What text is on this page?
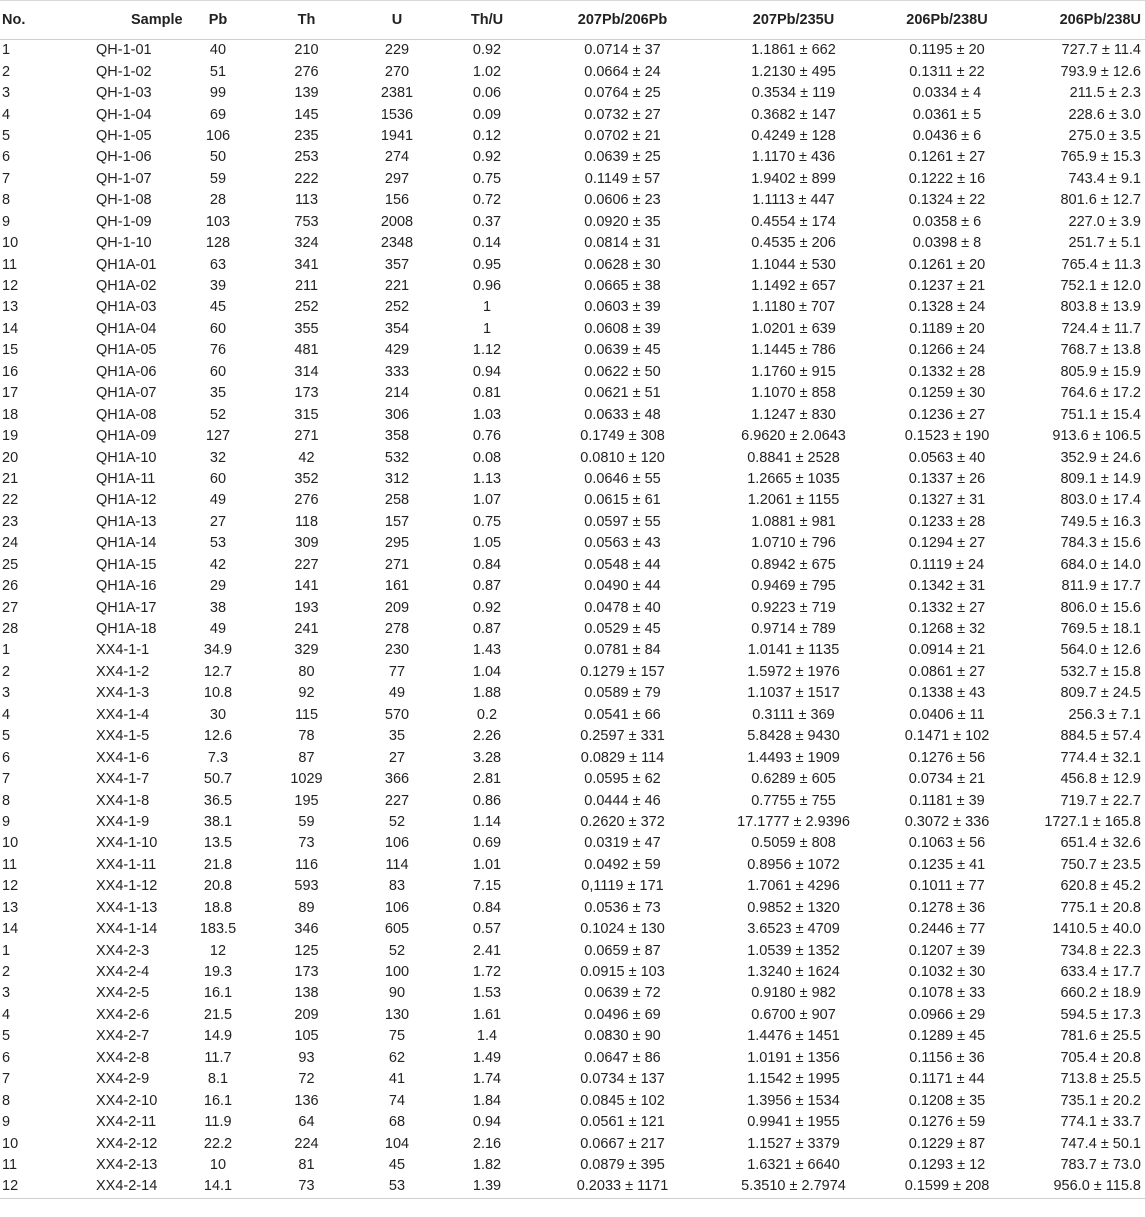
No.	Sample	Pb	Th	U	Th/U	207Pb/206Pb	207Pb/235U	206Pb/238U	206Pb/238U
1	QH-1-01	40	210	229	0.92	0.0714 ± 37	1.1861 ± 662	0.1195 ± 20	727.7 ± 11.4
2	QH-1-02	51	276	270	1.02	0.0664 ± 24	1.2130 ± 495	0.1311 ± 22	793.9 ± 12.6
3	QH-1-03	99	139	2381	0.06	0.0764 ± 25	0.3534 ± 119	0.0334 ± 4	211.5 ± 2.3
4	QH-1-04	69	145	1536	0.09	0.0732 ± 27	0.3682 ± 147	0.0361 ± 5	228.6 ± 3.0
5	QH-1-05	106	235	1941	0.12	0.0702 ± 21	0.4249 ± 128	0.0436 ± 6	275.0 ± 3.5
6	QH-1-06	50	253	274	0.92	0.0639 ± 25	1.1170 ± 436	0.1261 ± 27	765.9 ± 15.3
7	QH-1-07	59	222	297	0.75	0.1149 ± 57	1.9402 ± 899	0.1222 ± 16	743.4 ± 9.1
8	QH-1-08	28	113	156	0.72	0.0606 ± 23	1.1113 ± 447	0.1324 ± 22	801.6 ± 12.7
9	QH-1-09	103	753	2008	0.37	0.0920 ± 35	0.4554 ± 174	0.0358 ± 6	227.0 ± 3.9
10	QH-1-10	128	324	2348	0.14	0.0814 ± 31	0.4535 ± 206	0.0398 ± 8	251.7 ± 5.1
11	QH1A-01	63	341	357	0.95	0.0628 ± 30	1.1044 ± 530	0.1261 ± 20	765.4 ± 11.3
12	QH1A-02	39	211	221	0.96	0.0665 ± 38	1.1492 ± 657	0.1237 ± 21	752.1 ± 12.0
13	QH1A-03	45	252	252	1	0.0603 ± 39	1.1180 ± 707	0.1328 ± 24	803.8 ± 13.9
14	QH1A-04	60	355	354	1	0.0608 ± 39	1.0201 ± 639	0.1189 ± 20	724.4 ± 11.7
15	QH1A-05	76	481	429	1.12	0.0639 ± 45	1.1445 ± 786	0.1266 ± 24	768.7 ± 13.8
16	QH1A-06	60	314	333	0.94	0.0622 ± 50	1.1760 ± 915	0.1332 ± 28	805.9 ± 15.9
17	QH1A-07	35	173	214	0.81	0.0621 ± 51	1.1070 ± 858	0.1259 ± 30	764.6 ± 17.2
18	QH1A-08	52	315	306	1.03	0.0633 ± 48	1.1247 ± 830	0.1236 ± 27	751.1 ± 15.4
19	QH1A-09	127	271	358	0.76	0.1749 ± 308	6.9620 ± 2.0643	0.1523 ± 190	913.6 ± 106.5
20	QH1A-10	32	42	532	0.08	0.0810 ± 120	0.8841 ± 2528	0.0563 ± 40	352.9 ± 24.6
21	QH1A-11	60	352	312	1.13	0.0646 ± 55	1.2665 ± 1035	0.1337 ± 26	809.1 ± 14.9
22	QH1A-12	49	276	258	1.07	0.0615 ± 61	1.2061 ± 1155	0.1327 ± 31	803.0 ± 17.4
23	QH1A-13	27	118	157	0.75	0.0597 ± 55	1.0881 ± 981	0.1233 ± 28	749.5 ± 16.3
24	QH1A-14	53	309	295	1.05	0.0563 ± 43	1.0710 ± 796	0.1294 ± 27	784.3 ± 15.6
25	QH1A-15	42	227	271	0.84	0.0548 ± 44	0.8942 ± 675	0.1119 ± 24	684.0 ± 14.0
26	QH1A-16	29	141	161	0.87	0.0490 ± 44	0.9469 ± 795	0.1342 ± 31	811.9 ± 17.7
27	QH1A-17	38	193	209	0.92	0.0478 ± 40	0.9223 ± 719	0.1332 ± 27	806.0 ± 15.6
28	QH1A-18	49	241	278	0.87	0.0529 ± 45	0.9714 ± 789	0.1268 ± 32	769.5 ± 18.1
1	XX4-1-1	34.9	329	230	1.43	0.0781 ± 84	1.0141 ± 1135	0.0914 ± 21	564.0 ± 12.6
2	XX4-1-2	12.7	80	77	1.04	0.1279 ± 157	1.5972 ± 1976	0.0861 ± 27	532.7 ± 15.8
3	XX4-1-3	10.8	92	49	1.88	0.0589 ± 79	1.1037 ± 1517	0.1338 ± 43	809.7 ± 24.5
4	XX4-1-4	30	115	570	0.2	0.0541 ± 66	0.3111 ± 369	0.0406 ± 11	256.3 ± 7.1
5	XX4-1-5	12.6	78	35	2.26	0.2597 ± 331	5.8428 ± 9430	0.1471 ± 102	884.5 ± 57.4
6	XX4-1-6	7.3	87	27	3.28	0.0829 ± 114	1.4493 ± 1909	0.1276 ± 56	774.4 ± 32.1
7	XX4-1-7	50.7	1029	366	2.81	0.0595 ± 62	0.6289 ± 605	0.0734 ± 21	456.8 ± 12.9
8	XX4-1-8	36.5	195	227	0.86	0.0444 ± 46	0.7755 ± 755	0.1181 ± 39	719.7 ± 22.7
9	XX4-1-9	38.1	59	52	1.14	0.2620 ± 372	17.1777 ± 2.9396	0.3072 ± 336	1727.1 ± 165.8
10	XX4-1-10	13.5	73	106	0.69	0.0319 ± 47	0.5059 ± 808	0.1063 ± 56	651.4 ± 32.6
11	XX4-1-11	21.8	116	114	1.01	0.0492 ± 59	0.8956 ± 1072	0.1235 ± 41	750.7 ± 23.5
12	XX4-1-12	20.8	593	83	7.15	0,1119 ± 171	1.7061 ± 4296	0.1011 ± 77	620.8 ± 45.2
13	XX4-1-13	18.8	89	106	0.84	0.0536 ± 73	0.9852 ± 1320	0.1278 ± 36	775.1 ± 20.8
14	XX4-1-14	183.5	346	605	0.57	0.1024 ± 130	3.6523 ± 4709	0.2446 ± 77	1410.5 ± 40.0
1	XX4-2-3	12	125	52	2.41	0.0659 ± 87	1.0539 ± 1352	0.1207 ± 39	734.8 ± 22.3
2	XX4-2-4	19.3	173	100	1.72	0.0915 ± 103	1.3240 ± 1624	0.1032 ± 30	633.4 ± 17.7
3	XX4-2-5	16.1	138	90	1.53	0.0639 ± 72	0.9180 ± 982	0.1078 ± 33	660.2 ± 18.9
4	XX4-2-6	21.5	209	130	1.61	0.0496 ± 69	0.6700 ± 907	0.0966 ± 29	594.5 ± 17.3
5	XX4-2-7	14.9	105	75	1.4	0.0830 ± 90	1.4476 ± 1451	0.1289 ± 45	781.6 ± 25.5
6	XX4-2-8	11.7	93	62	1.49	0.0647 ± 86	1.0191 ± 1356	0.1156 ± 36	705.4 ± 20.8
7	XX4-2-9	8.1	72	41	1.74	0.0734 ± 137	1.1542 ± 1995	0.1171 ± 44	713.8 ± 25.5
8	XX4-2-10	16.1	136	74	1.84	0.0845 ± 102	1.3956 ± 1534	0.1208 ± 35	735.1 ± 20.2
9	XX4-2-11	11.9	64	68	0.94	0.0561 ± 121	0.9941 ± 1955	0.1276 ± 59	774.1 ± 33.7
10	XX4-2-12	22.2	224	104	2.16	0.0667 ± 217	1.1527 ± 3379	0.1229 ± 87	747.4 ± 50.1
11	XX4-2-13	10	81	45	1.82	0.0879 ± 395	1.6321 ± 6640	0.1293 ± 12	783.7 ± 73.0
12	XX4-2-14	14.1	73	53	1.39	0.2033 ± 1171	5.3510 ± 2.7974	0.1599 ± 208	956.0 ± 115.8
